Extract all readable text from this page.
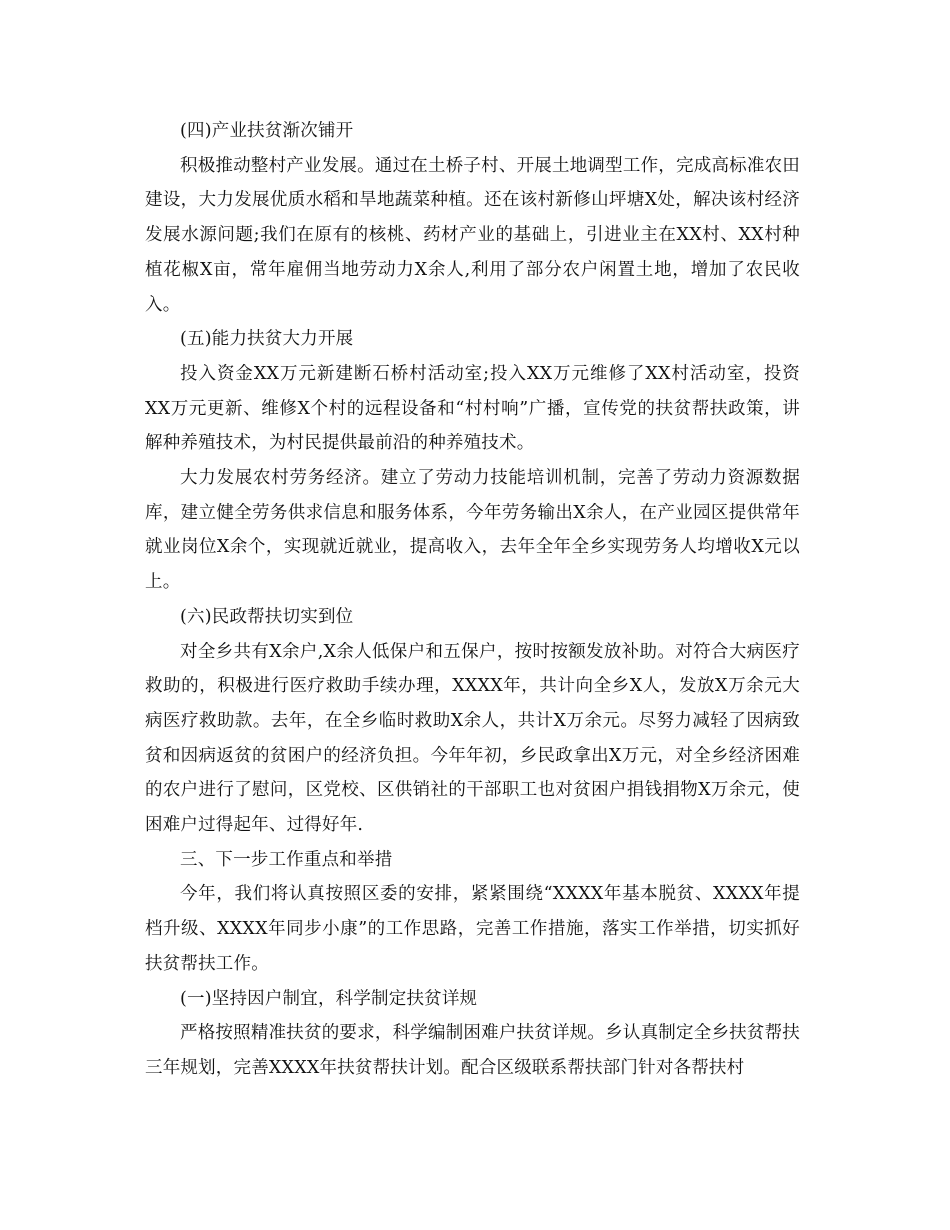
(四)产业扶贫渐次铺开

积极推动整村产业发展。通过在土桥子村、开展土地调型工作，完成高标准农田建设，大力发展优质水稻和旱地蔬菜种植。还在该村新修山坪塘X处，解决该村经济发展水源问题;我们在原有的核桃、药材产业的基础上，引进业主在XX村、XX村种植花椒X亩，常年雇佣当地劳动力X余人,利用了部分农户闲置土地，增加了农民收入。

(五)能力扶贫大力开展

投入资金XX万元新建断石桥村活动室;投入XX万元维修了XX村活动室，投资XX万元更新、维修X个村的远程设备和“村村响”广播，宣传党的扶贫帮扶政策，讲解种养殖技术，为村民提供最前沿的种养殖技术。

大力发展农村劳务经济。建立了劳动力技能培训机制，完善了劳动力资源数据库，建立健全劳务供求信息和服务体系，今年劳务输出X余人，在产业园区提供常年就业岗位X余个，实现就近就业，提高收入，去年全年全乡实现劳务人均增收X元以上。

(六)民政帮扶切实到位

对全乡共有X余户,X余人低保户和五保户，按时按额发放补助。对符合大病医疗救助的，积极进行医疗救助手续办理，XXXX年，共计向全乡X人，发放X万余元大病医疗救助款。去年，在全乡临时救助X余人，共计X万余元。尽努力减轻了因病致贫和因病返贫的贫困户的经济负担。今年年初，乡民政拿出X万元，对全乡经济困难的农户进行了慰问，区党校、区供销社的干部职工也对贫困户捐钱捐物X万余元，使困难户过得起年、过得好年.

三、下一步工作重点和举措

今年，我们将认真按照区委的安排，紧紧围绕“XXXX年基本脱贫、XXXX年提档升级、XXXX年同步小康”的工作思路，完善工作措施，落实工作举措，切实抓好扶贫帮扶工作。

(一)坚持因户制宜，科学制定扶贫详规

严格按照精准扶贫的要求，科学编制困难户扶贫详规。乡认真制定全乡扶贫帮扶三年规划，完善XXXX年扶贫帮扶计划。配合区级联系帮扶部门针对各帮扶村
